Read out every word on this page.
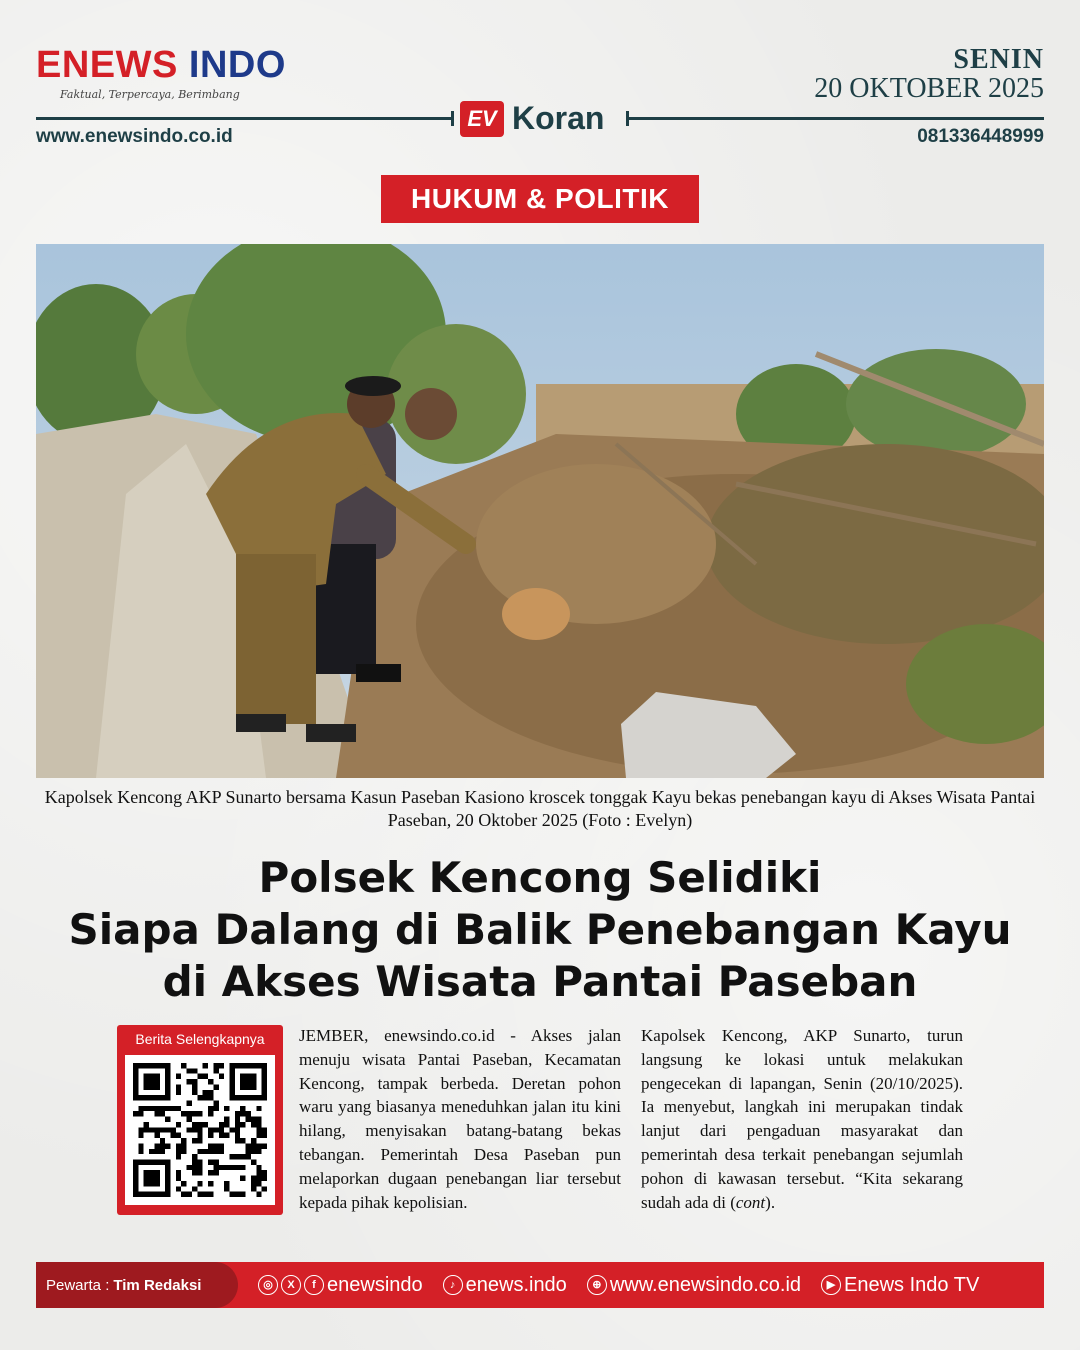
ENEWS INDO
Faktual, Terpercaya, Berimbang
SENIN
20 OKTOBER 2025
EV Koran
www.enewsindo.co.id	081336448999
HUKUM & POLITIK
Kapolsek Kencong AKP Sunarto bersama Kasun Paseban Kasiono kroscek tonggak Kayu bekas penebangan kayu di Akses Wisata Pantai Paseban, 20 Oktober 2025 (Foto : Evelyn)
Polsek Kencong Selidiki
Siapa Dalang di Balik Penebangan Kayu
di Akses Wisata Pantai Paseban
Berita Selengkapnya	JEMBER, enewsindo.co.id - Akses jalan menuju wisata Pantai Paseban, Kecamatan Kencong, tampak berbeda. Deretan pohon waru yang biasanya meneduhkan jalan itu kini hilang, menyisakan batang-batang bekas tebangan. Pemerintah Desa Paseban pun melaporkan dugaan penebangan liar tersebut kepada pihak kepolisian.
Kapolsek Kencong, AKP Sunarto, turun langsung ke lokasi untuk melakukan pengecekan di lapangan, Senin (20/10/2025). Ia menyebut, langkah ini merupakan tindak lanjut dari pengaduan masyarakat dan pemerintah desa terkait penebangan sejumlah pohon di kawasan tersebut. “Kita sekarang sudah ada di (cont).
Pewarta : Tim Redaksi	◎	X	f enewsindo	♪ enews.indo	⊕ www.enewsindo.co.id	▶ Enews Indo TV
